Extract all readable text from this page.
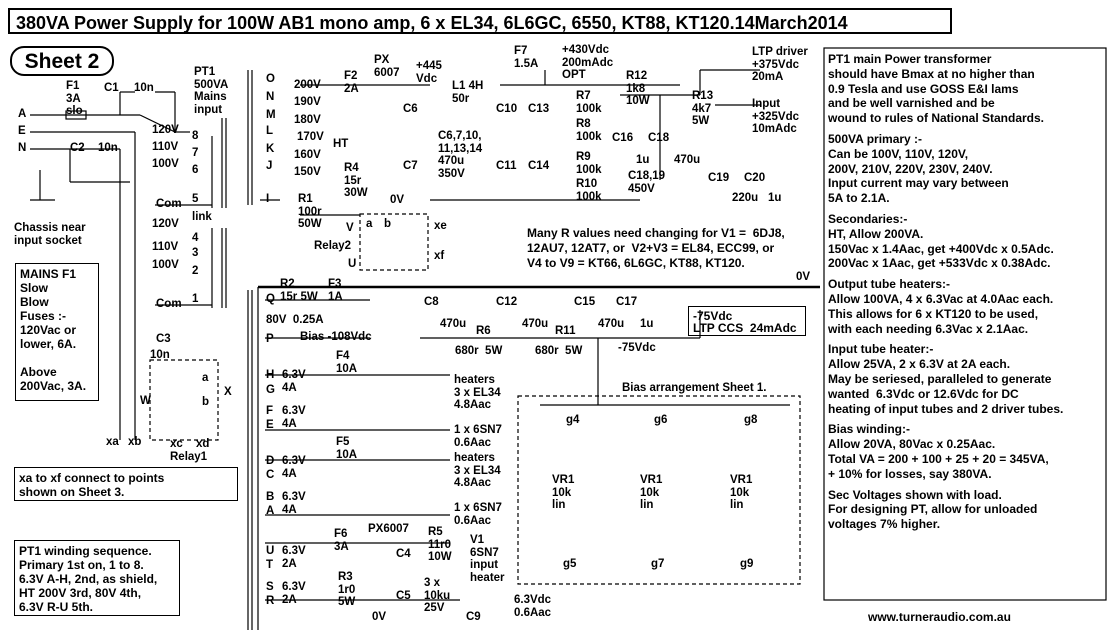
380VA Power Supply for 100W AB1 mono amp, 6 x EL34, 6L6GC, 6550, KT88, KT120.14March2014
Sheet 2
A
E
N
F1
3A
slo
C1 10n
C2 10n
Chassis near
input socket
MAINS F1
Slow
Blow
Fuses :-
120Vac or
lower, 6A.

Above
200Vac, 3A.
xa to xf connect to points
shown on Sheet 3.
PT1 winding sequence.
Primary 1st on, 1 to 8.
6.3V A-H, 2nd, as shield,
HT 200V 3rd, 80V 4th,
6.3V R-U 5th.
PT1
500VA
Mains
input
120V
110V
100V
Com
8
7
6
5
link
120V
110V
100V
Com
4
3
2
1
C3
10n
a
b
W
X
xa xb xc xd
Relay1
O
N
M
L
K
J
I
200V
190V
180V
170V
160V
150V
HT
F2
2A
PX
6007
+445
Vdc
L1 4H
50r
F7
1.5A
+430Vdc
200mAdc
OPT
C6
C7
C6,7,10,
11,13,14
470u
350V
C10
C11
C13
C14
R7
100k
R8
100k
R9
100k
R10
100k
R4
15r
30W
R1
100r
50W
0V
R12
1k8
10W
LTP driver
+375Vdc
20mA
R13
4k7
5W
Input
+325Vdc
10mAdc
C16 C18
1u 470u
C18,19
450V
C19 C20
220u 1u
V
U
a b
Relay2
xe
xf
Many R values need changing for V1 =  6DJ8,
12AU7, 12AT7, or  V2+V3 = EL84, ECC99, or
V4 to V9 = KT66, 6L6GC, KT88, KT120.
0V
Q
P
80V  0.25A
R2
15r 5W
F3
1A
Bias -108Vdc
C8
470u
R6
680r  5W
C12
470u
R11
680r  5W
C15
470u
C17
1u
-75Vdc
-75Vdc
LTP CCS  24mAdc
H
G
F
E
D
C
B
A
U
T
S
R
6.3V
4A
6.3V
4A
6.3V
4A
6.3V
4A
6.3V
2A
6.3V
2A
F4
10A
F5
10A
heaters
3 x EL34
4.8Aac

1 x 6SN7
0.6Aac
heaters
3 x EL34
4.8Aac

1 x 6SN7
0.6Aac
F6
3A
PX6007
R3
1r0
5W
R5
11r0
10W
C4
C5
3 x
10ku
25V
C9
0V
V1
6SN7
input
heater
6.3Vdc
0.6Aac
Bias arrangement Sheet 1.
VR1
10k
lin
VR1
10k
lin
VR1
10k
lin
g4	g6	g8
g5	g7	g9

PT1 main Power transformer
should have Bmax at no higher than
0.9 Tesla and use GOSS E&I lams
and be well varnished and be
wound to rules of National Standards.

500VA primary :-
Can be 100V, 110V, 120V,
200V, 210V, 220V, 230V, 240V.
Input current may vary between
5A to 2.1A.

Secondaries:-
HT, Allow 200VA.
150Vac x 1.4Aac, get +400Vdc x 0.5Adc.
200Vac x 1Aac, get +533Vdc x 0.38Adc.

Output tube heaters:-
Allow 100VA, 4 x 6.3Vac at 4.0Aac each.
This allows for 6 x KT120 to be used,
with each needing 6.3Vac x 2.1Aac.

Input tube heater:-
Allow 25VA, 2 x 6.3V at 2A each.
May be seriesed, paralleled to generate
wanted  6.3Vdc or 12.6Vdc for DC
heating of input tubes and 2 driver tubes.

Bias winding:-
Allow 20VA, 80Vac x 0.25Aac.
Total VA = 200 + 100 + 25 + 20 = 345VA,
+ 10% for losses, say 380VA.

Sec Voltages shown with load.
For designing PT, allow for unloaded
voltages 7% higher.

www.turneraudio.com.au
